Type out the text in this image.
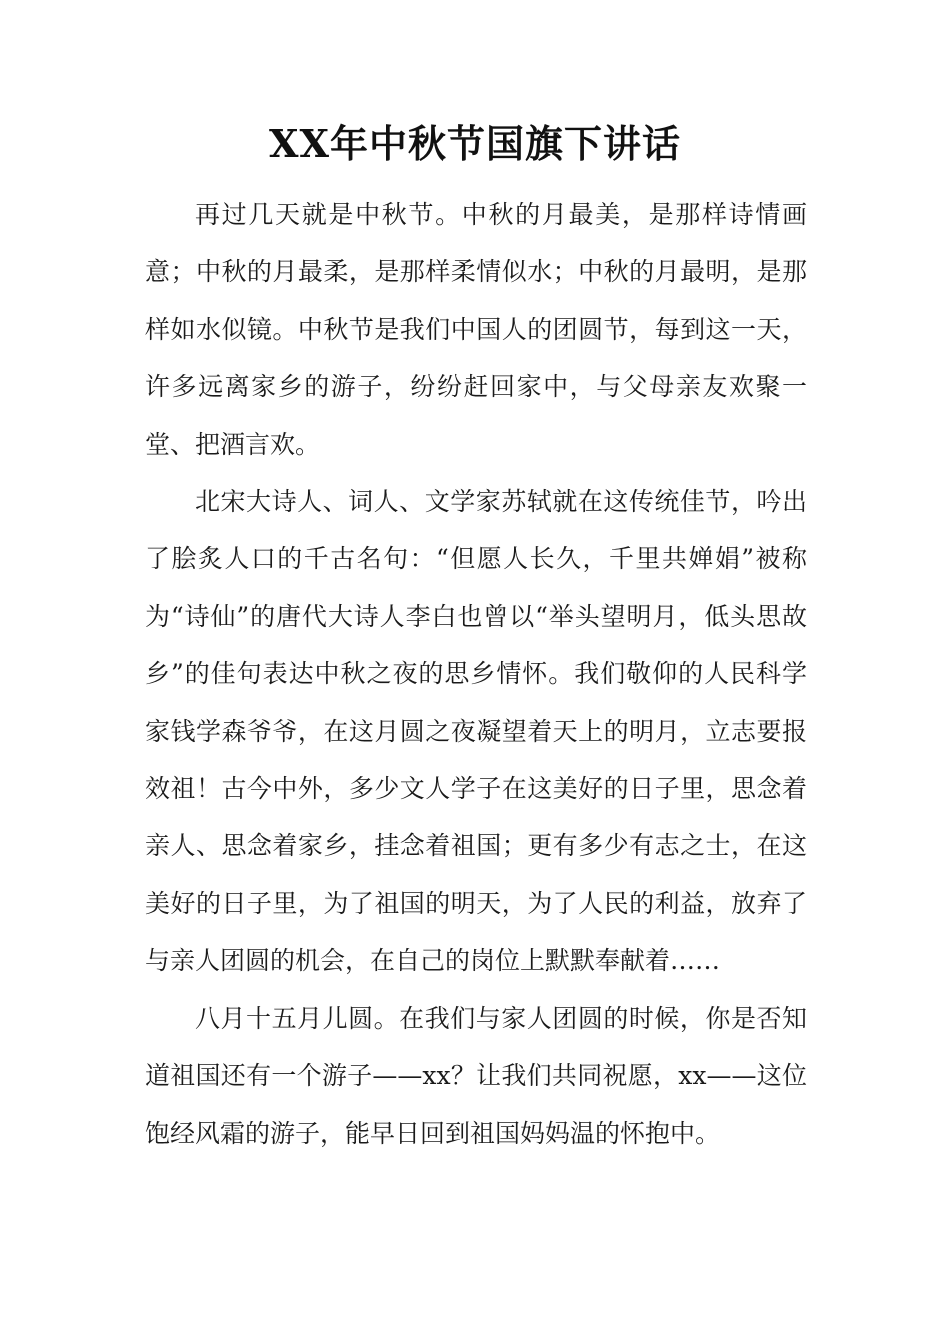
XX年中秋节国旗下讲话

再过几天就是中秋节。中秋的月最美，是那样诗情画意；中秋的月最柔，是那样柔情似水；中秋的月最明，是那样如水似镜。中秋节是我们中国人的团圆节，每到这一天，许多远离家乡的游子，纷纷赶回家中，与父母亲友欢聚一堂、把酒言欢。

北宋大诗人、词人、文学家苏轼就在这传统佳节，吟出了脍炙人口的千古名句：“但愿人长久，千里共婵娟”被称为“诗仙”的唐代大诗人李白也曾以“举头望明月，低头思故乡”的佳句表达中秋之夜的思乡情怀。我们敬仰的人民科学家钱学森爷爷，在这月圆之夜凝望着天上的明月，立志要报效祖！古今中外，多少文人学子在这美好的日子里，思念着亲人、思念着家乡，挂念着祖国；更有多少有志之士，在这美好的日子里，为了祖国的明天，为了人民的利益，放弃了与亲人团圆的机会，在自己的岗位上默默奉献着……

八月十五月儿圆。在我们与家人团圆的时候，你是否知道祖国还有一个游子——xx？让我们共同祝愿，xx——这位饱经风霜的游子，能早日回到祖国妈妈温的怀抱中。
